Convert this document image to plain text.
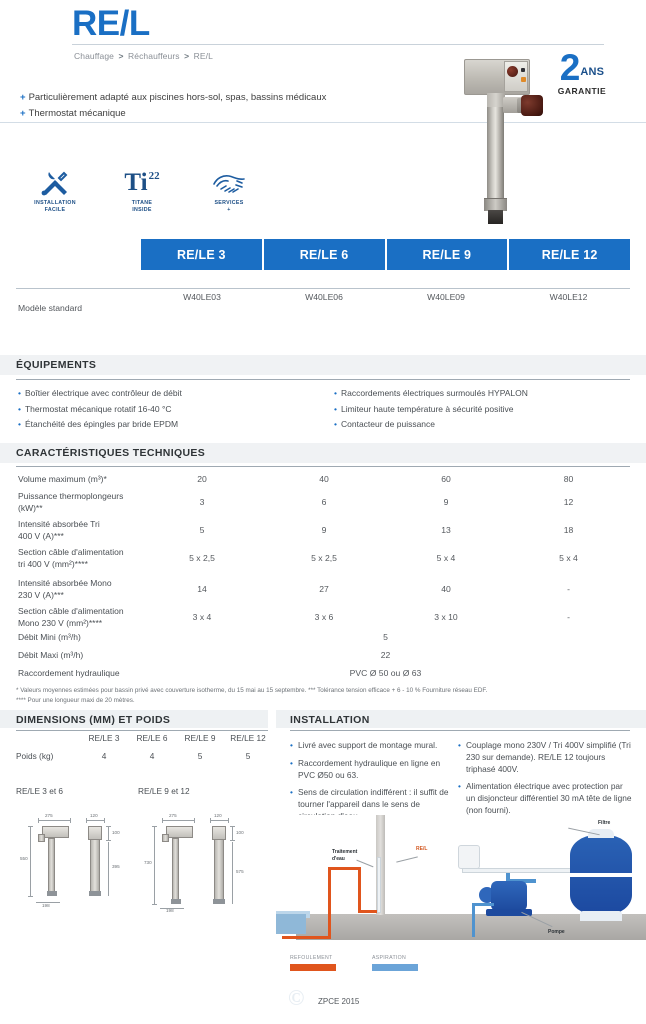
RE/L
Chauffage > Réchauffeurs > RE/L
+ Particulièrement adapté aux piscines hors-sol, spas, bassins médicaux
+ Thermostat mécanique
2 ANS
GARANTIE
INSTALLATION
FACILE
Ti 22
TITANE
INSIDE
SERVICES
+
RE/LE 3	RE/LE 6	RE/LE 9	RE/LE 12
Modèle standard
W40LE03	W40LE06	W40LE09	W40LE12
ÉQUIPEMENTS
• Boîtier électrique avec contrôleur de débit
• Thermostat mécanique rotatif 16-40 °C
• Étanchéité des épingles par bride EPDM
• Raccordements électriques surmoulés HYPALON
• Limiteur haute température à sécurité positive
• Contacteur de puissance
CARACTÉRISTIQUES TECHNIQUES
Volume maximum (m³)*	20	40	60	80
Puissance thermoplongeurs
(kW)**
3	6	9	12
Intensité absorbée Tri
400 V (A)***
5	9	13	18
Section câble d'alimentation
tri 400 V (mm²)****
5 x 2,5	5 x 2,5	5 x 4	5 x 4
Intensité absorbée Mono
230 V (A)***
14	27	40	-
Section câble d'alimentation
Mono 230 V (mm²)****
3 x 4	3 x 6	3 x 10	-
Débit Mini (m³/h)	5
Débit Maxi (m³/h)	22
Raccordement hydraulique	PVC Ø 50 ou Ø 63
* Valeurs moyennes estimées pour bassin privé avec couverture isotherme, du 15 mai au 15 septembre. *** Tolérance tension efficace + 6 - 10 % Fourniture réseau EDF.
**** Pour une longueur maxi de 20 mètres.
DIMENSIONS (MM) ET POIDS
RE/LE 3	RE/LE 6	RE/LE 9	RE/LE 12
Poids (kg)	4	4	5	5
RE/LE 3 et 6	RE/LE 9 et 12
275
550
198
120
100
395
275
730
198
120
100
575
INSTALLATION
• Livré avec support de montage mural.
• Raccordement hydraulique en ligne en PVC Ø50 ou 63.
• Sens de circulation indifférent : il suffit de tourner l'appareil dans le sens de
• Couplage mono 230V / Tri 400V simplifié (Tri 230 sur demande). RE/LE 12 toujours triphasé 400V.
• Alimentation électrique avec protection par un disjoncteur différentiel 30 mA tête de ligne (non fourni).
Traitement
d'eau
RE/L
Filtre
Pompe
REFOULEMENT	ASPIRATION
© ZPCE 2015
